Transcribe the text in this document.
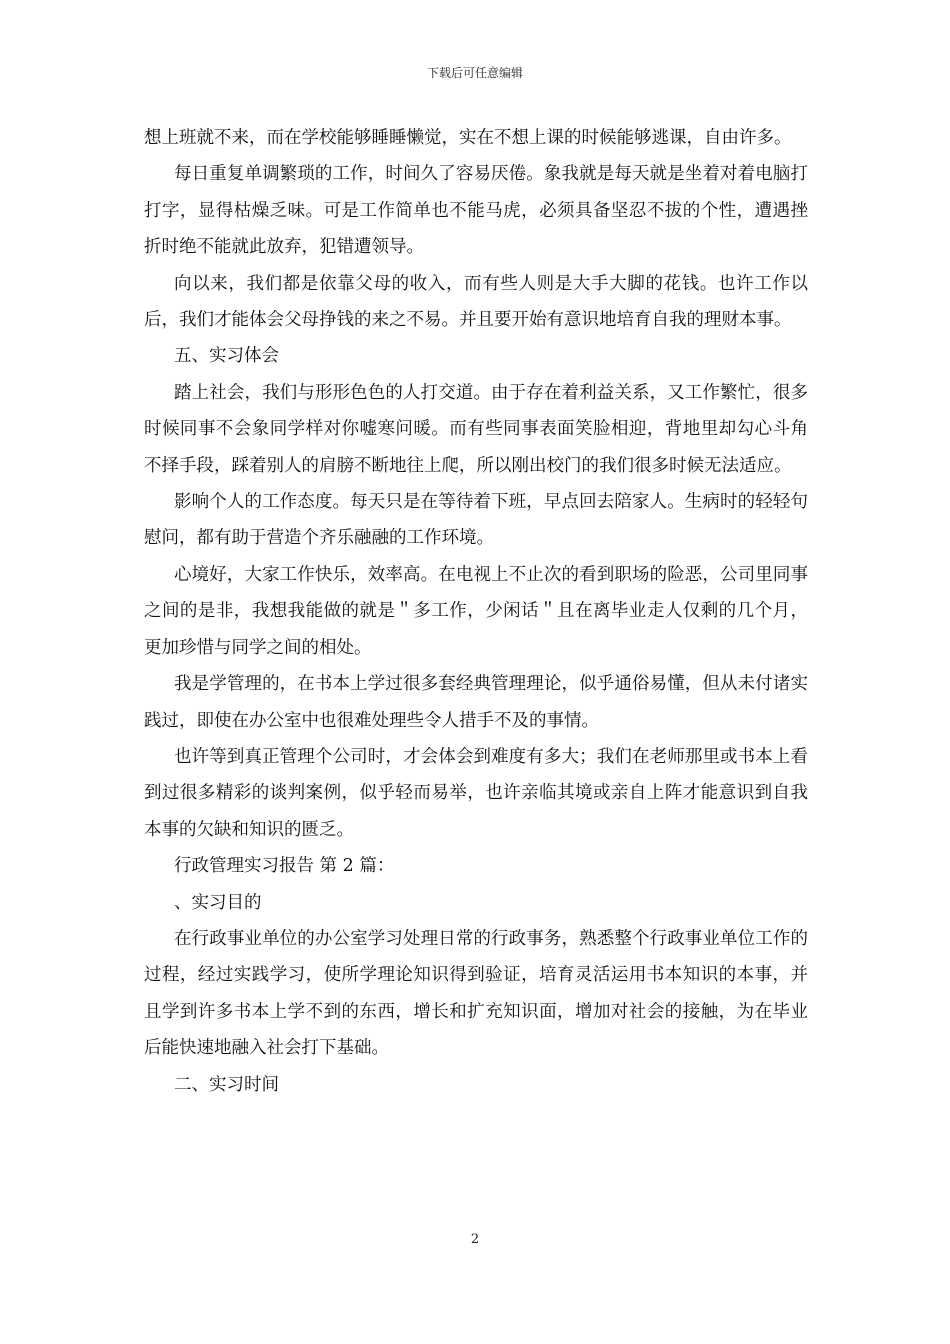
下载后可任意编辑

想上班就不来，而在学校能够睡睡懒觉，实在不想上课的时候能够逃课，自由许多。

每日重复单调繁琐的工作，时间久了容易厌倦。象我就是每天就是坐着对着电脑打打字，显得枯燥乏味。可是工作简单也不能马虎，必须具备坚忍不拔的个性，遭遇挫折时绝不能就此放弃，犯错遭领导。

向以来，我们都是依靠父母的收入，而有些人则是大手大脚的花钱。也许工作以后，我们才能体会父母挣钱的来之不易。并且要开始有意识地培育自我的理财本事。

五、实习体会

踏上社会，我们与形形色色的人打交道。由于存在着利益关系，又工作繁忙，很多时候同事不会象同学样对你嘘寒问暖。而有些同事表面笑脸相迎，背地里却勾心斗角不择手段，踩着别人的肩膀不断地往上爬，所以刚出校门的我们很多时候无法适应。

影响个人的工作态度。每天只是在等待着下班，早点回去陪家人。生病时的轻轻句慰问，都有助于营造个齐乐融融的工作环境。

心境好，大家工作快乐，效率高。在电视上不止次的看到职场的险恶，公司里同事之间的是非，我想我能做的就是＂多工作，少闲话＂且在离毕业走人仅剩的几个月，更加珍惜与同学之间的相处。

我是学管理的，在书本上学过很多套经典管理理论，似乎通俗易懂，但从未付诸实践过，即使在办公室中也很难处理些令人措手不及的事情。

也许等到真正管理个公司时，才会体会到难度有多大；我们在老师那里或书本上看到过很多精彩的谈判案例，似乎轻而易举，也许亲临其境或亲自上阵才能意识到自我本事的欠缺和知识的匮乏。

行政管理实习报告 第 2 篇：

、实习目的

在行政事业单位的办公室学习处理日常的行政事务，熟悉整个行政事业单位工作的过程，经过实践学习，使所学理论知识得到验证，培育灵活运用书本知识的本事，并且学到许多书本上学不到的东西，增长和扩充知识面，增加对社会的接触，为在毕业后能快速地融入社会打下基础。

二、实习时间

2
